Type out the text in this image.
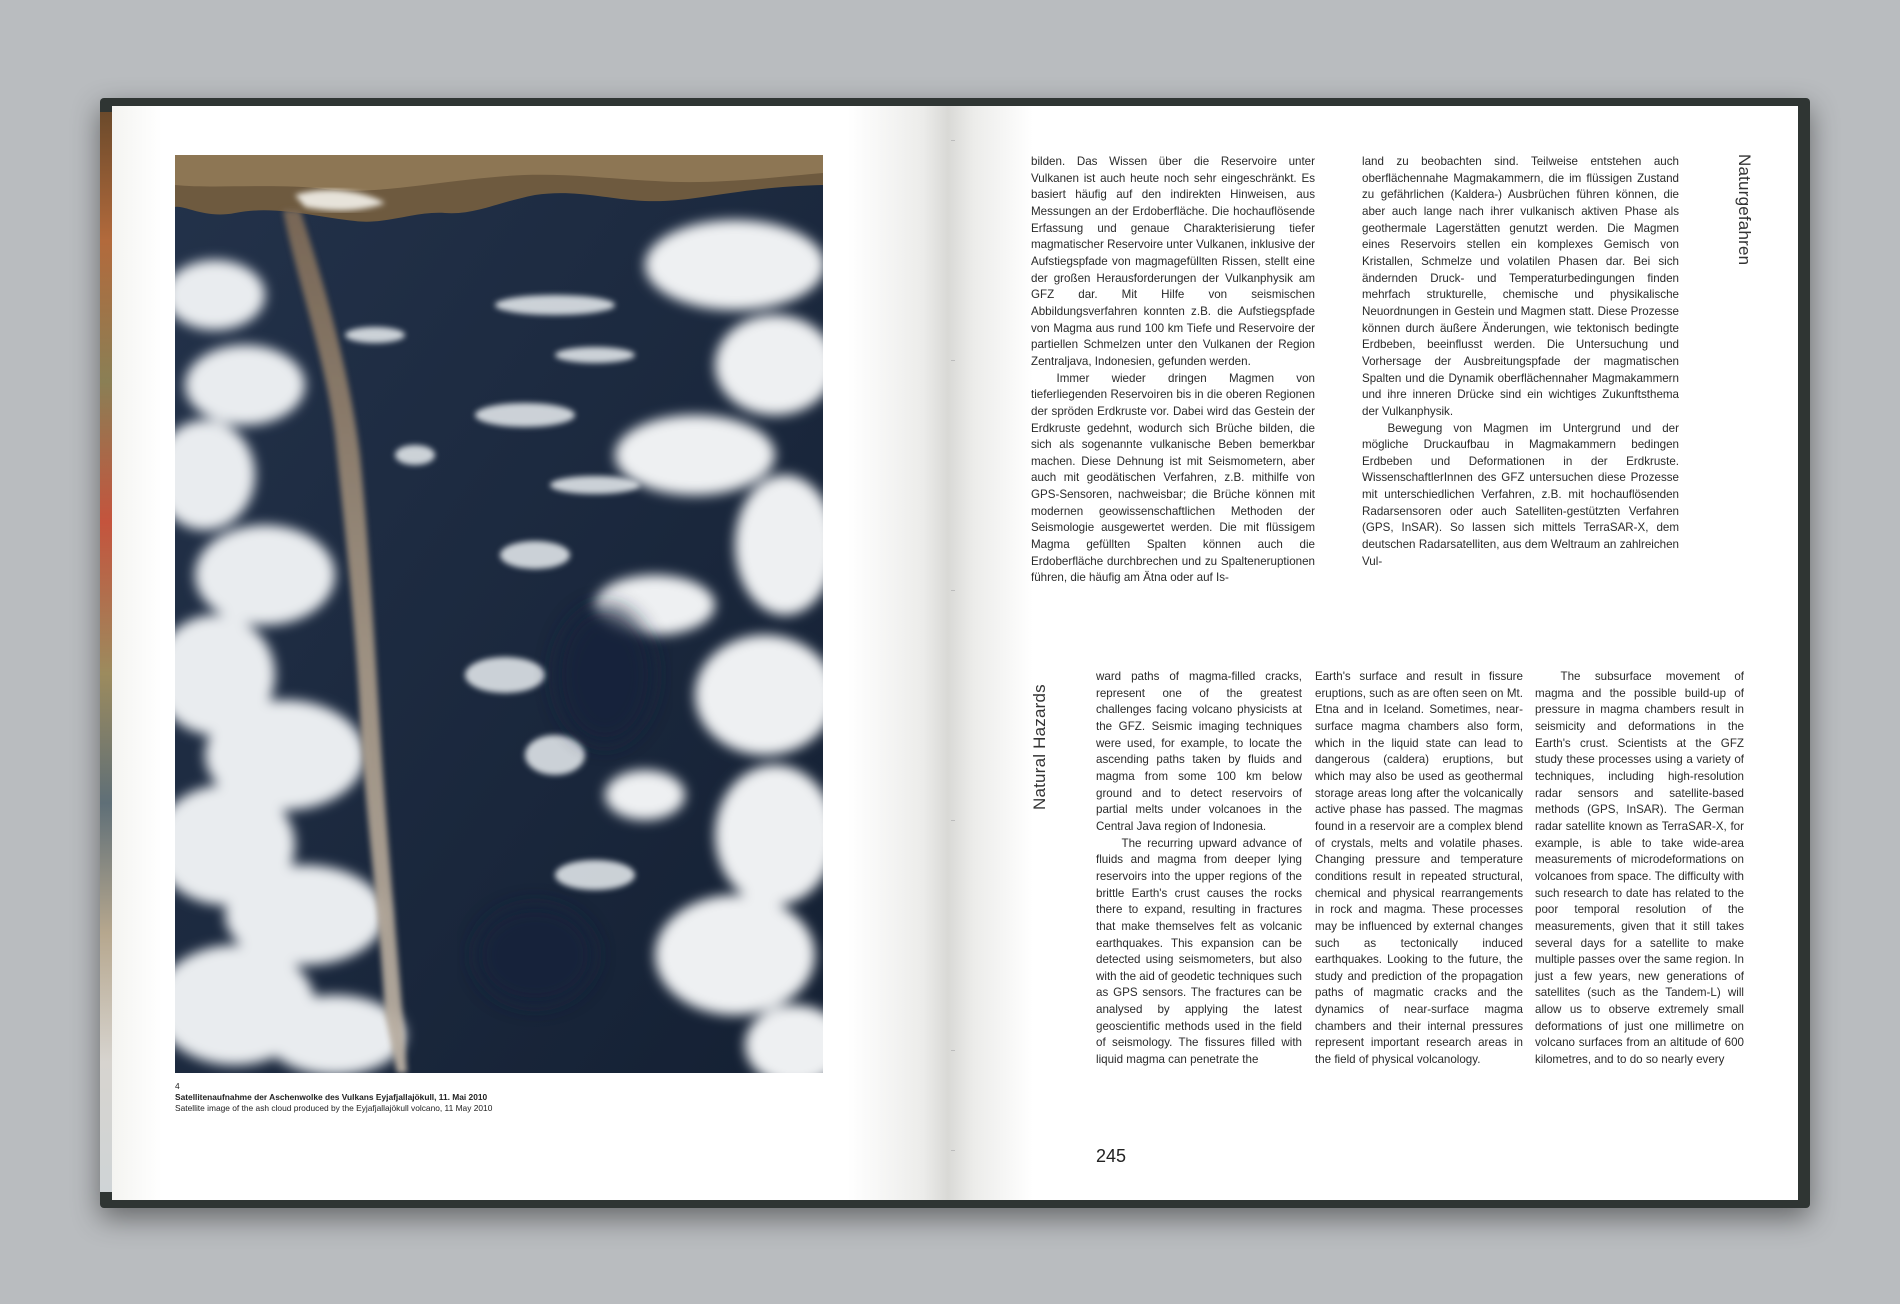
4
Satellitenaufnahme der Aschenwolke des Vulkans Eyjafjallajökull, 11. Mai 2010
Satellite image of the ash cloud produced by the Eyjafjallajökull volcano, 11 May 2010

bilden. Das Wissen über die Reservoire unter Vulkanen ist auch heute noch sehr eingeschränkt. Es basiert häufig auf den indirekten Hinweisen, aus Messungen an der Erdoberfläche. Die hochauflösende Erfassung und genaue Charakterisierung tiefer magmatischer Reservoire unter Vulkanen, inklusive der Aufstiegspfade von magmagefüllten Rissen, stellt eine der großen Herausforderungen der Vulkanphysik am GFZ dar. Mit Hilfe von seismischen Abbildungsverfahren konnten z.B. die Aufstiegspfade von Magma aus rund 100 km Tiefe und Reservoire der partiellen Schmelzen unter den Vulkanen der Region Zentraljava, Indonesien, gefunden werden.

Immer wieder dringen Magmen von tieferliegenden Reservoiren bis in die oberen Regionen der spröden Erdkruste vor. Dabei wird das Gestein der Erdkruste gedehnt, wodurch sich Brüche bilden, die sich als sogenannte vulkanische Beben bemerkbar machen. Diese Dehnung ist mit Seismometern, aber auch mit geodätischen Verfahren, z.B. mithilfe von GPS-Sensoren, nachweisbar; die Brüche können mit modernen geowissenschaftlichen Methoden der Seismologie ausgewertet werden. Die mit flüssigem Magma gefüllten Spalten können auch die Erdoberfläche durchbrechen und zu Spalteneruptionen führen, die häufig am Ätna oder auf Is-

land zu beobachten sind. Teilweise entstehen auch oberflächennahe Magmakammern, die im flüssigen Zustand zu gefährlichen (Kaldera-) Ausbrüchen führen können, die aber auch lange nach ihrer vulkanisch aktiven Phase als geothermale Lagerstätten genutzt werden. Die Magmen eines Reservoirs stellen ein komplexes Gemisch von Kristallen, Schmelze und volatilen Phasen dar. Bei sich ändernden Druck- und Temperaturbedingungen finden mehrfach strukturelle, chemische und physikalische Neuordnungen in Gestein und Magmen statt. Diese Prozesse können durch äußere Änderungen, wie tektonisch bedingte Erdbeben, beeinflusst werden. Die Untersuchung und Vorhersage der Ausbreitungspfade der magmatischen Spalten und die Dynamik oberflächennaher Magmakammern und ihre inneren Drücke sind ein wichtiges Zukunftsthema der Vulkanphysik.

Bewegung von Magmen im Untergrund und der mögliche Druckaufbau in Magmakammern bedingen Erdbeben und Deformationen in der Erdkruste. WissenschaftlerInnen des GFZ untersuchen diese Prozesse mit unterschiedlichen Verfahren, z.B. mit hochauflösenden Radarsensoren oder auch Satelliten-gestützten Verfahren (GPS, InSAR). So lassen sich mittels TerraSAR-X, dem deutschen Radarsatelliten, aus dem Weltraum an zahlreichen Vul-

Naturgefahren
Natural Hazards

ward paths of magma-filled cracks, represent one of the greatest challenges facing volcano physicists at the GFZ. Seismic imaging techniques were used, for example, to locate the ascending paths taken by fluids and magma from some 100 km below ground and to detect reservoirs of partial melts under volcanoes in the Central Java region of Indonesia.

The recurring upward advance of fluids and magma from deeper lying reservoirs into the upper regions of the brittle Earth's crust causes the rocks there to expand, resulting in fractures that make themselves felt as volcanic earthquakes. This expansion can be detected using seismometers, but also with the aid of geodetic techniques such as GPS sensors. The fractures can be analysed by applying the latest geoscientific methods used in the field of seismology. The fissures filled with liquid magma can penetrate the

Earth's surface and result in fissure eruptions, such as are often seen on Mt. Etna and in Iceland. Sometimes, near-surface magma chambers also form, which in the liquid state can lead to dangerous (caldera) eruptions, but which may also be used as geothermal storage areas long after the volcanically active phase has passed. The magmas found in a reservoir are a complex blend of crystals, melts and volatile phases. Changing pressure and temperature conditions result in repeated structural, chemical and physical rearrangements in rock and magma. These processes may be influenced by external changes such as tectonically induced earthquakes. Looking to the future, the study and prediction of the propagation paths of magmatic cracks and the dynamics of near-surface magma chambers and their internal pressures represent important research areas in the field of physical volcanology.

The subsurface movement of magma and the possible build-up of pressure in magma chambers result in seismicity and deformations in the Earth's crust. Scientists at the GFZ study these processes using a variety of techniques, including high-resolution radar sensors and satellite-based methods (GPS, InSAR). The German radar satellite known as TerraSAR-X, for example, is able to take wide-area measurements of microdeformations on volcanoes from space. The difficulty with such research to date has related to the poor temporal resolution of the measurements, given that it still takes several days for a satellite to make multiple passes over the same region. In just a few years, new generations of satellites (such as the Tandem-L) will allow us to observe extremely small deformations of just one millimetre on volcano surfaces from an altitude of 600 kilometres, and to do so nearly every

245
